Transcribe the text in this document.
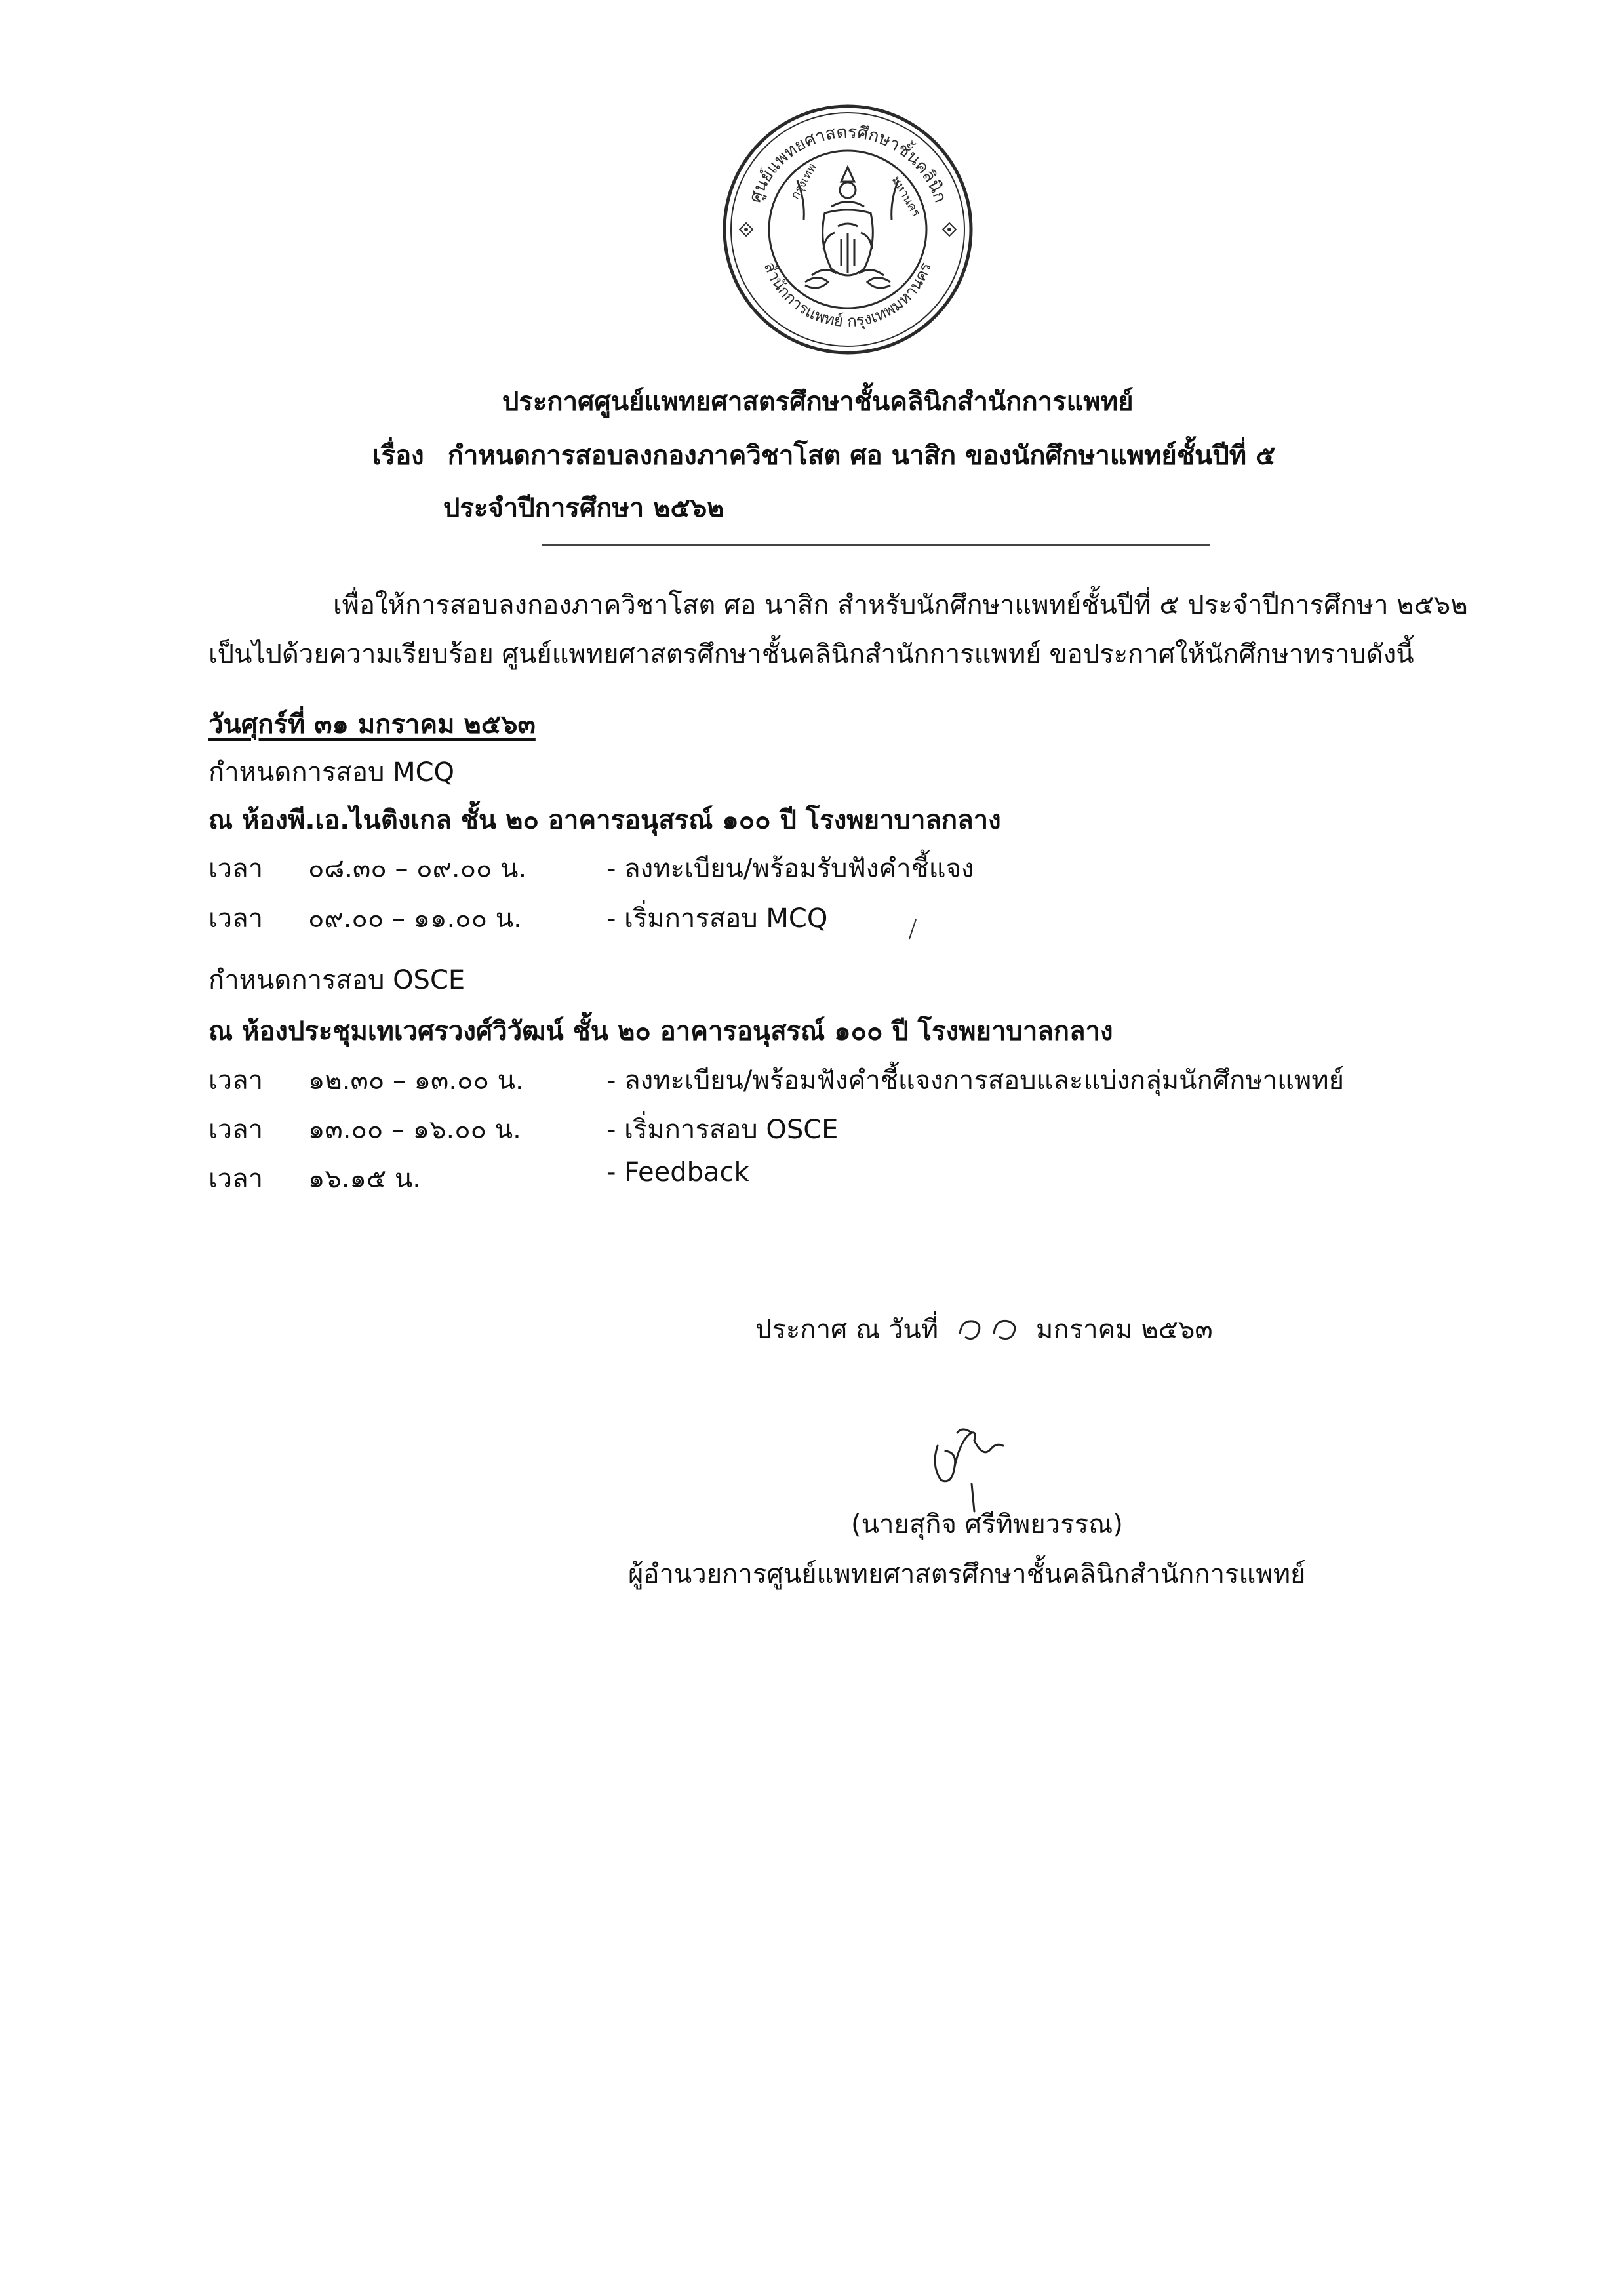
ศูนย์แพทยศาสตรศึกษาชั้นคลินิก
สำนักการแพทย์ กรุงเทพมหานคร
กรุงเทพ	มหานคร
ประกาศศูนย์แพทยศาสตรศึกษาชั้นคลินิกสำนักการแพทย์
เรื่อง กำหนดการสอบลงกองภาควิชาโสต ศอ นาสิก ของนักศึกษาแพทย์ชั้นปีที่ ๕
ประจำปีการศึกษา ๒๕๖๒
เพื่อให้การสอบลงกองภาควิชาโสต ศอ นาสิก สำหรับนักศึกษาแพทย์ชั้นปีที่ ๕ ประจำปีการศึกษา ๒๕๖๒
เป็นไปด้วยความเรียบร้อย ศูนย์แพทยศาสตรศึกษาชั้นคลินิกสำนักการแพทย์ ขอประกาศให้นักศึกษาทราบดังนี้
วันศุกร์ที่ ๓๑ มกราคม ๒๕๖๓
กำหนดการสอบ MCQ
ณ ห้องพี.เอ.ไนติงเกล ชั้น ๒๐ อาคารอนุสรณ์ ๑๐๐ ปี โรงพยาบาลกลาง
เวลา ๐๘.๓๐ – ๐๙.๐๐ น.	- ลงทะเบียน/พร้อมรับฟังคำชี้แจง
เวลา ๐๙.๐๐ – ๑๑.๐๐ น.	- เริ่มการสอบ MCQ
กำหนดการสอบ OSCE
ณ ห้องประชุมเทเวศรวงศ์วิวัฒน์ ชั้น ๒๐ อาคารอนุสรณ์ ๑๐๐ ปี โรงพยาบาลกลาง
เวลา ๑๒.๓๐ – ๑๓.๐๐ น.	- ลงทะเบียน/พร้อมฟังคำชี้แจงการสอบและแบ่งกลุ่มนักศึกษาแพทย์
เวลา ๑๓.๐๐ – ๑๖.๐๐ น.	- เริ่มการสอบ OSCE
เวลา ๑๖.๑๕ น.	- Feedback
ประกาศ ณ วันที่	มกราคม ๒๕๖๓
(นายสุกิจ ศรีทิพยวรรณ)
ผู้อำนวยการศูนย์แพทยศาสตรศึกษาชั้นคลินิกสำนักการแพทย์
